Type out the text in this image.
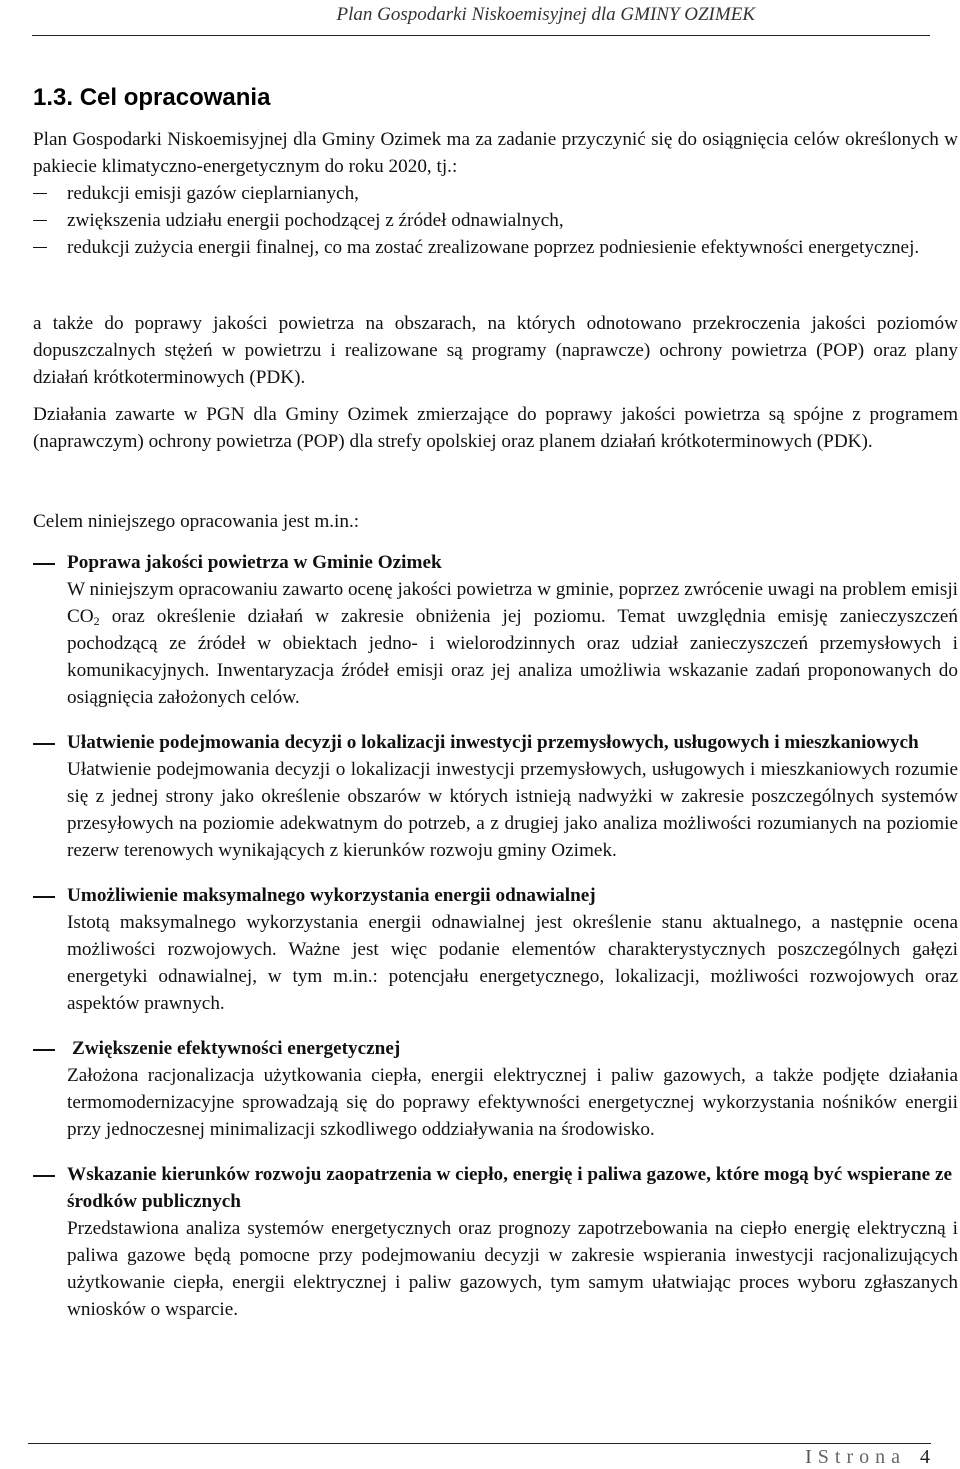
Plan Gospodarki Niskoemisyjnej dla GMINY OZIMEK
1.3. Cel opracowania
Plan Gospodarki Niskoemisyjnej dla Gminy Ozimek ma za zadanie przyczynić się do osiągnięcia celów określonych w pakiecie klimatyczno-energetycznym do roku 2020, tj.:
redukcji emisji gazów cieplarnianych,
zwiększenia udziału energii pochodzącej z źródeł odnawialnych,
redukcji zużycia energii finalnej, co ma zostać zrealizowane poprzez podniesienie efektywności energetycznej.
a także do poprawy jakości powietrza na obszarach, na których odnotowano przekroczenia jakości poziomów dopuszczalnych stężeń w powietrzu i realizowane są programy (naprawcze) ochrony powietrza (POP) oraz plany działań krótkoterminowych (PDK).
Działania zawarte w PGN dla Gminy Ozimek zmierzające do poprawy jakości powietrza są spójne z programem (naprawczym) ochrony powietrza (POP) dla strefy opolskiej oraz planem działań krótkoterminowych (PDK).
Celem niniejszego opracowania jest m.in.:
Poprawa jakości powietrza w Gminie Ozimek
W niniejszym opracowaniu zawarto ocenę jakości powietrza w gminie, poprzez zwrócenie uwagi na problem emisji $CO_2$ oraz określenie działań w zakresie obniżenia jej poziomu. Temat uwzględnia emisję zanieczyszczeń pochodzącą ze źródeł w obiektach jedno- i wielorodzinnych oraz udział zanieczyszczeń przemysłowych i komunikacyjnych. Inwentaryzacja źródeł emisji oraz jej analiza umożliwia wskazanie zadań proponowanych do osiągnięcia założonych celów.
Ułatwienie podejmowania decyzji o lokalizacji inwestycji przemysłowych, usługowych i mieszkaniowych
Ułatwienie podejmowania decyzji o lokalizacji inwestycji przemysłowych, usługowych i mieszkaniowych rozumie się z jednej strony jako określenie obszarów w których istnieją nadwyżki w zakresie poszczególnych systemów przesyłowych na poziomie adekwatnym do potrzeb, a z drugiej jako analiza możliwości rozumianych na poziomie rezerw terenowych wynikających z kierunków rozwoju gminy Ozimek.
Umożliwienie maksymalnego wykorzystania energii odnawialnej
Istotą maksymalnego wykorzystania energii odnawialnej jest określenie stanu aktualnego, a następnie ocena możliwości rozwojowych. Ważne jest więc podanie elementów charakterystycznych poszczególnych gałęzi energetyki odnawialnej, w tym m.in.: potencjału energetycznego, lokalizacji, możliwości rozwojowych oraz aspektów prawnych.
Zwiększenie efektywności energetycznej
Założona racjonalizacja użytkowania ciepła, energii elektrycznej i paliw gazowych, a także podjęte działania termomodernizacyjne sprowadzają się do poprawy efektywności energetycznej wykorzystania nośników energii przy jednoczesnej minimalizacji szkodliwego oddziaływania na środowisko.
Wskazanie kierunków rozwoju zaopatrzenia w ciepło, energię i paliwa gazowe, które mogą być wspierane ze środków publicznych
Przedstawiona analiza systemów energetycznych oraz prognozy zapotrzebowania na ciepło energię elektryczną i paliwa gazowe będą pomocne przy podejmowaniu decyzji w zakresie wspierania inwestycji racjonalizujących użytkowanie ciepła, energii elektrycznej i paliw gazowych, tym samym ułatwiając proces wyboru zgłaszanych wniosków o wsparcie.
I Strona 4
